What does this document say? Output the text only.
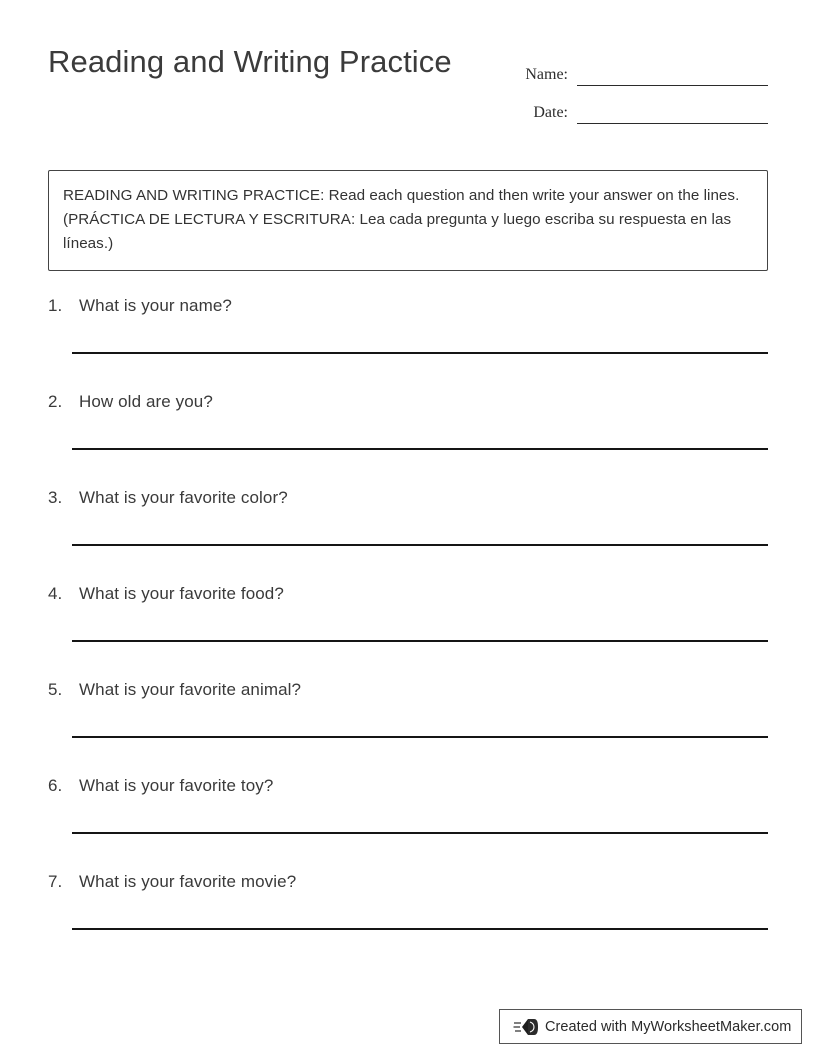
Reading and Writing Practice	Name:
Date:
READING AND WRITING PRACTICE: Read each question and then write your answer on the lines. (PRÁCTICA DE LECTURA Y ESCRITURA: Lea cada pregunta y luego escriba su respuesta en las líneas.)
1. What is your name?
2. How old are you?
3. What is your favorite color?
4. What is your favorite food?
5. What is your favorite animal?
6. What is your favorite toy?
7. What is your favorite movie?
Created with MyWorksheetMaker.com
